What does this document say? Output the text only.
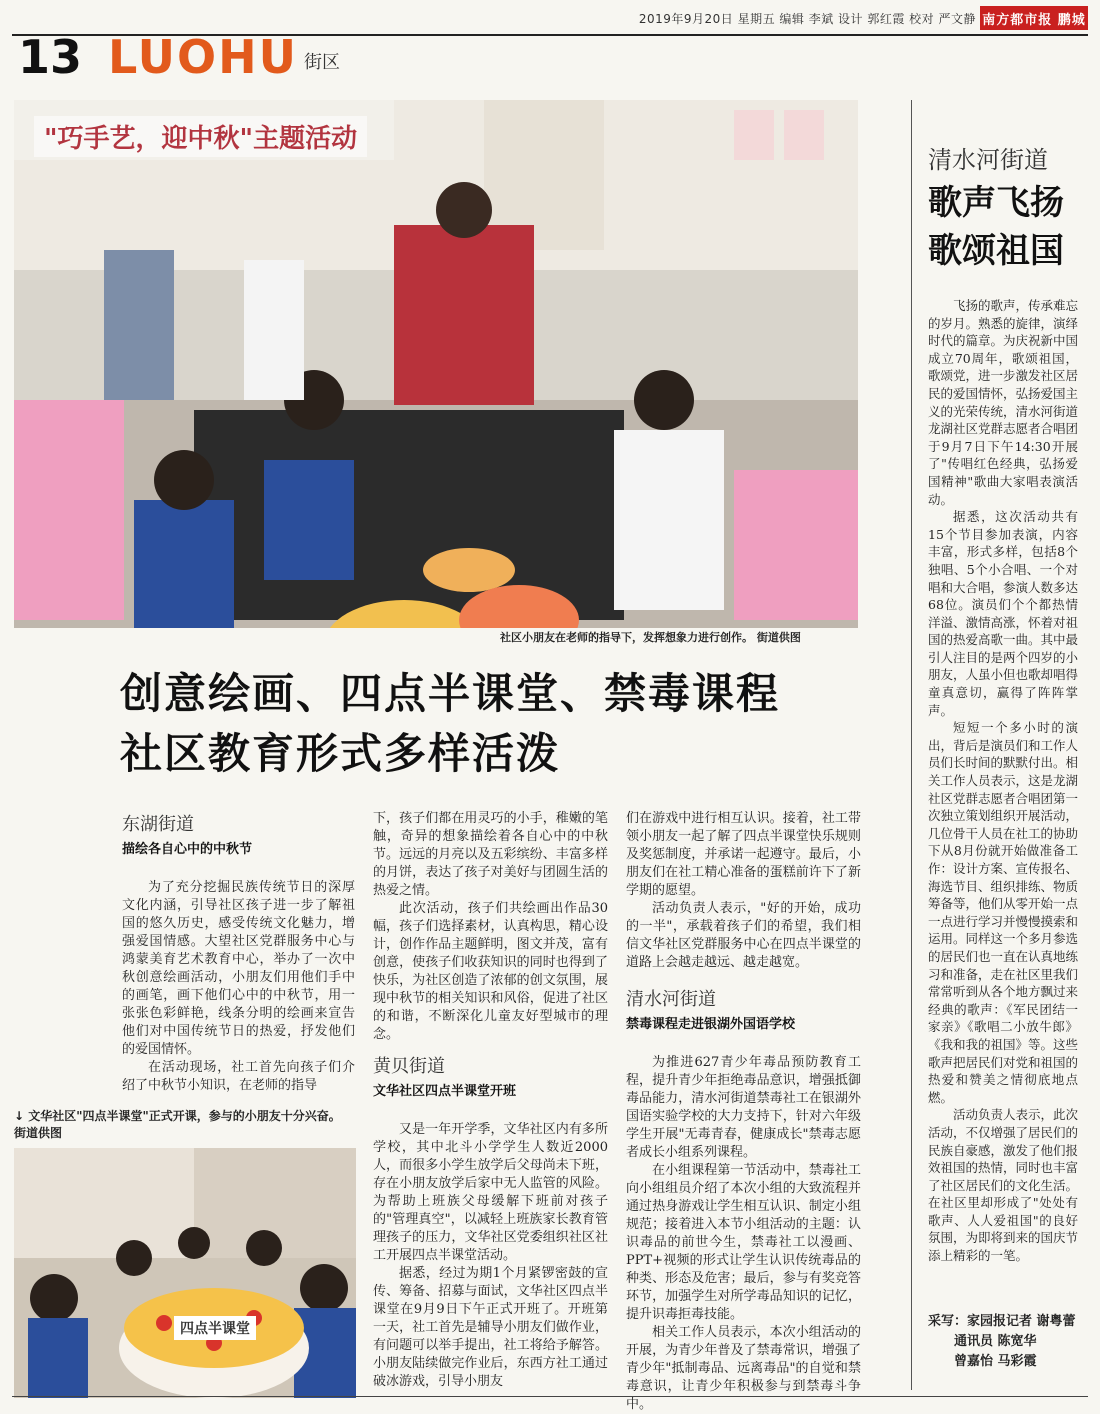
2019年9月20日 星期五 编辑 李斌 设计 郭红霞 校对 严文静 南方都市报 鹏城
13 LUOHU 街区
"巧手艺，迎中秋"主题活动
社区小朋友在老师的指导下，发挥想象力进行创作。 街道供图
创意绘画、四点半课堂、禁毒课程
社区教育形式多样活泼
东湖街道
描绘各自心中的中秋节

为了充分挖掘民族传统节日的深厚文化内涵，引导社区孩子进一步了解祖国的悠久历史，感受传统文化魅力，增强爱国情感。大望社区党群服务中心与鸿蒙美育艺术教育中心，举办了一次中秋创意绘画活动，小朋友们用他们手中的画笔，画下他们心中的中秋节，用一张张色彩鲜艳，线条分明的绘画来宣告他们对中国传统节日的热爱，抒发他们的爱国情怀。

在活动现场，社工首先向孩子们介绍了中秋节小知识，在老师的指导

↓ 文华社区"四点半课堂"正式开课，参与的小朋友十分兴奋。 街道供图
四点半课堂

下，孩子们都在用灵巧的小手，稚嫩的笔触，奇异的想象描绘着各自心中的中秋节。远远的月亮以及五彩缤纷、丰富多样的月饼，表达了孩子对美好与团圆生活的热爱之情。

此次活动，孩子们共绘画出作品30幅，孩子们选择素材，认真构思，精心设计，创作作品主题鲜明，图文并茂，富有创意，使孩子们收获知识的同时也得到了快乐，为社区创造了浓郁的创文氛围，展现中秋节的相关知识和风俗，促进了社区的和谐，不断深化儿童友好型城市的理念。

黄贝街道
文华社区四点半课堂开班

又是一年开学季，文华社区内有多所学校，其中北斗小学学生人数近2000人，而很多小学生放学后父母尚未下班，存在小朋友放学后家中无人监管的风险。为帮助上班族父母缓解下班前对孩子的"管理真空"，以减轻上班族家长教育管理孩子的压力，文华社区党委组织社区社工开展四点半课堂活动。

据悉，经过为期1个月紧锣密鼓的宣传、筹备、招募与面试，文华社区四点半课堂在9月9日下午正式开班了。开班第一天，社工首先是辅导小朋友们做作业，有问题可以举手提出，社工将给予解答。小朋友陆续做完作业后，东西方社工通过破冰游戏，引导小朋友

们在游戏中进行相互认识。接着，社工带领小朋友一起了解了四点半课堂快乐规则及奖惩制度，并承诺一起遵守。最后，小朋友们在社工精心准备的蛋糕前许下了新学期的愿望。

活动负责人表示，"好的开始，成功的一半"，承载着孩子们的希望，我们相信文华社区党群服务中心在四点半课堂的道路上会越走越远、越走越宽。

清水河街道
禁毒课程走进银湖外国语学校

为推进627青少年毒品预防教育工程，提升青少年拒绝毒品意识，增强抵御毒品能力，清水河街道禁毒社工在银湖外国语实验学校的大力支持下，针对六年级学生开展"无毒青春，健康成长"禁毒志愿者成长小组系列课程。

在小组课程第一节活动中，禁毒社工向小组组员介绍了本次小组的大致流程并通过热身游戏让学生相互认识、制定小组规范；接着进入本节小组活动的主题：认识毒品的前世今生，禁毒社工以漫画、PPT+视频的形式让学生认识传统毒品的种类、形态及危害；最后，参与有奖竞答环节，加强学生对所学毒品知识的记忆，提升识毒拒毒技能。

相关工作人员表示，本次小组活动的开展，为青少年普及了禁毒常识，增强了青少年"抵制毒品、远离毒品"的自觉和禁毒意识，让青少年积极参与到禁毒斗争中。

清水河街道
歌声飞扬
歌颂祖国

飞扬的歌声，传承难忘的岁月。熟悉的旋律，演绎时代的篇章。为庆祝新中国成立70周年，歌颂祖国，歌颂党，进一步激发社区居民的爱国情怀，弘扬爱国主义的光荣传统，清水河街道龙湖社区党群志愿者合唱团于9月7日下午14:30开展了"传唱红色经典，弘扬爱国精神"歌曲大家唱表演活动。

据悉，这次活动共有15个节目参加表演，内容丰富，形式多样，包括8个独唱、5个小合唱、一个对唱和大合唱，参演人数多达68位。演员们个个都热情洋溢、激情高涨，怀着对祖国的热爱高歌一曲。其中最引人注目的是两个四岁的小朋友，人虽小但也歌却唱得童真意切，赢得了阵阵掌声。

短短一个多小时的演出，背后是演员们和工作人员们长时间的默默付出。相关工作人员表示，这是龙湖社区党群志愿者合唱团第一次独立策划组织开展活动，几位骨干人员在社工的协助下从8月份就开始做准备工作：设计方案、宣传报名、海选节目、组织排练、物质筹备等，他们从零开始一点一点进行学习并慢慢摸索和运用。同样这一个多月参选的居民们也一直在认真地练习和准备，走在社区里我们常常听到从各个地方飘过来经典的歌声：《军民团结一家亲》《歌唱二小放牛郎》《我和我的祖国》等。这些歌声把居民们对党和祖国的热爱和赞美之情彻底地点燃。

活动负责人表示，此次活动，不仅增强了居民们的民族自豪感，激发了他们报效祖国的热情，同时也丰富了社区居民们的文化生活。在社区里却形成了"处处有歌声、人人爱祖国"的良好氛围，为即将到来的国庆节添上精彩的一笔。

采写：家园报记者 谢粤蕾
通讯员 陈宽华
曾嘉怡 马彩霞
